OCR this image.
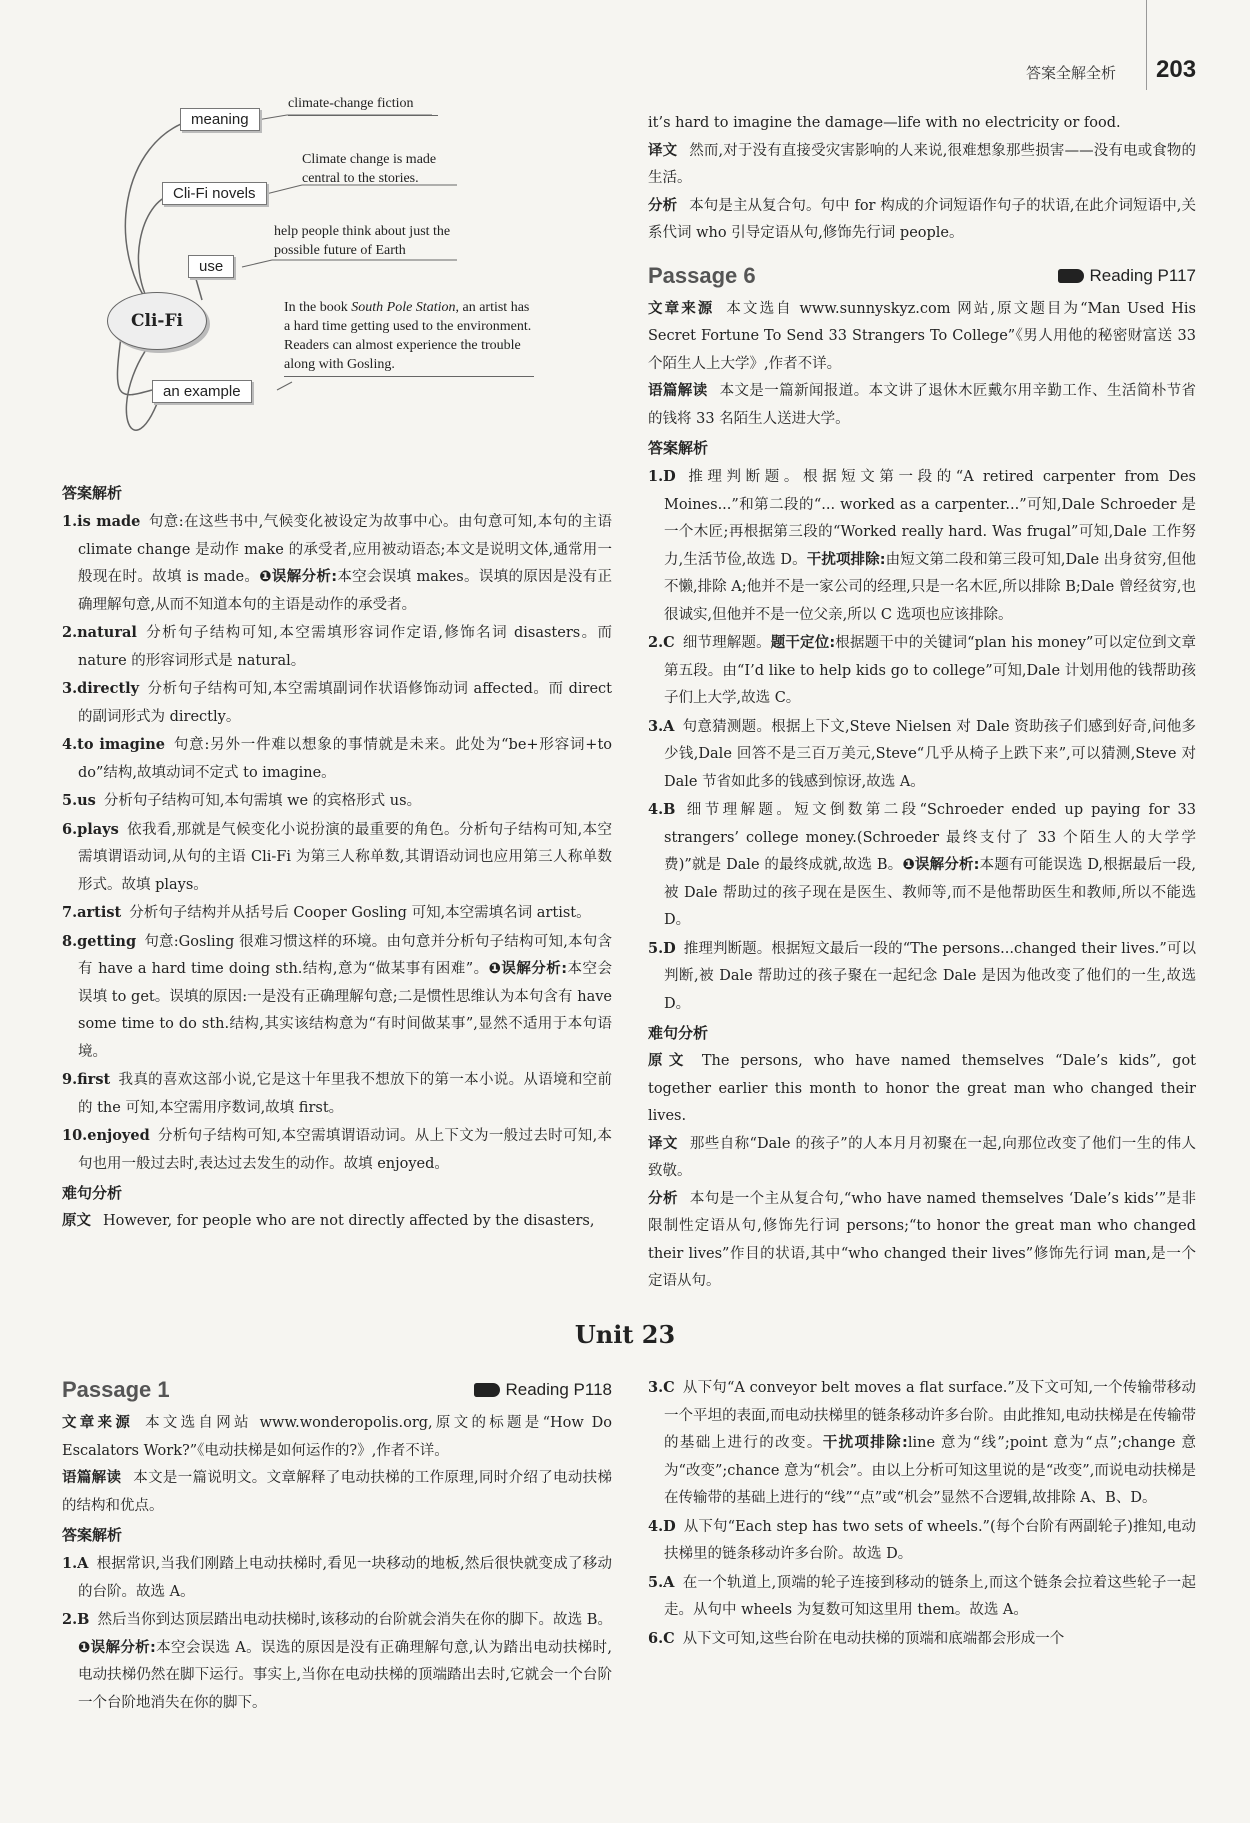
答案全解全析 203
Cli-Fi
meaning
climate-change fiction
Cli-Fi novels
Climate change is made central to the stories.
use
help people think about just the possible future of Earth
an example
In the book South Pole Station, an artist has a hard time getting used to the environment. Readers can almost experience the trouble along with Gosling.
答案解析
1.is made 句意:在这些书中,气候变化被设定为故事中心。由句意可知,本句的主语 climate change 是动作 make 的承受者,应用被动语态;本文是说明文体,通常用一般现在时。故填 is made。❶误解分析:本空会误填 makes。误填的原因是没有正确理解句意,从而不知道本句的主语是动作的承受者。
2.natural 分析句子结构可知,本空需填形容词作定语,修饰名词 disasters。而 nature 的形容词形式是 natural。
3.directly 分析句子结构可知,本空需填副词作状语修饰动词 affected。而 direct 的副词形式为 directly。
4.to imagine 句意:另外一件难以想象的事情就是未来。此处为“be+形容词+to do”结构,故填动词不定式 to imagine。
5.us 分析句子结构可知,本句需填 we 的宾格形式 us。
6.plays 依我看,那就是气候变化小说扮演的最重要的角色。分析句子结构可知,本空需填谓语动词,从句的主语 Cli-Fi 为第三人称单数,其谓语动词也应用第三人称单数形式。故填 plays。
7.artist 分析句子结构并从括号后 Cooper Gosling 可知,本空需填名词 artist。
8.getting 句意:Gosling 很难习惯这样的环境。由句意并分析句子结构可知,本句含有 have a hard time doing sth.结构,意为“做某事有困难”。❶误解分析:本空会误填 to get。误填的原因:一是没有正确理解句意;二是惯性思维认为本句含有 have some time to do sth.结构,其实该结构意为“有时间做某事”,显然不适用于本句语境。
9.first 我真的喜欢这部小说,它是这十年里我不想放下的第一本小说。从语境和空前的 the 可知,本空需用序数词,故填 first。
10.enjoyed 分析句子结构可知,本空需填谓语动词。从上下文为一般过去时可知,本句也用一般过去时,表达过去发生的动作。故填 enjoyed。
难句分析
原文 However, for people who are not directly affected by the disasters,
it’s hard to imagine the damage—life with no electricity or food.
译文 然而,对于没有直接受灾害影响的人来说,很难想象那些损害——没有电或食物的生活。
分析 本句是主从复合句。句中 for 构成的介词短语作句子的状语,在此介词短语中,关系代词 who 引导定语从句,修饰先行词 people。
Passage 6	Reading P117
文章来源 本文选自 www.sunnyskyz.com 网站,原文题目为“Man Used His Secret Fortune To Send 33 Strangers To College”《男人用他的秘密财富送 33 个陌生人上大学》,作者不详。
语篇解读 本文是一篇新闻报道。本文讲了退休木匠戴尔用辛勤工作、生活简朴节省的钱将 33 名陌生人送进大学。
答案解析
1.D 推理判断题。根据短文第一段的“A retired carpenter from Des Moines...”和第二段的“... worked as a carpenter...”可知,Dale Schroeder 是一个木匠;再根据第三段的“Worked really hard. Was frugal”可知,Dale 工作努力,生活节俭,故选 D。干扰项排除:由短文第二段和第三段可知,Dale 出身贫穷,但他不懒,排除 A;他并不是一家公司的经理,只是一名木匠,所以排除 B;Dale 曾经贫穷,也很诚实,但他并不是一位父亲,所以 C 选项也应该排除。
2.C 细节理解题。题干定位:根据题干中的关键词“plan his money”可以定位到文章第五段。由“I’d like to help kids go to college”可知,Dale 计划用他的钱帮助孩子们上大学,故选 C。
3.A 句意猜测题。根据上下文,Steve Nielsen 对 Dale 资助孩子们感到好奇,问他多少钱,Dale 回答不是三百万美元,Steve“几乎从椅子上跌下来”,可以猜测,Steve 对 Dale 节省如此多的钱感到惊讶,故选 A。
4.B 细节理解题。短文倒数第二段“Schroeder ended up paying for 33 strangers’ college money.(Schroeder 最终支付了 33 个陌生人的大学学费)”就是 Dale 的最终成就,故选 B。❶误解分析:本题有可能误选 D,根据最后一段,被 Dale 帮助过的孩子现在是医生、教师等,而不是他帮助医生和教师,所以不能选 D。
5.D 推理判断题。根据短文最后一段的“The persons...changed their lives.”可以判断,被 Dale 帮助过的孩子聚在一起纪念 Dale 是因为他改变了他们的一生,故选 D。
难句分析
原文 The persons, who have named themselves “Dale’s kids”, got together earlier this month to honor the great man who changed their lives.
译文 那些自称“Dale 的孩子”的人本月月初聚在一起,向那位改变了他们一生的伟人致敬。
分析 本句是一个主从复合句,“who have named themselves ‘Dale’s kids’”是非限制性定语从句,修饰先行词 persons;“to honor the great man who changed their lives”作目的状语,其中“who changed their lives”修饰先行词 man,是一个定语从句。
Unit 23
Passage 1	Reading P118
文章来源 本文选自网站 www.wonderopolis.org,原文的标题是“How Do Escalators Work?”《电动扶梯是如何运作的?》,作者不详。
语篇解读 本文是一篇说明文。文章解释了电动扶梯的工作原理,同时介绍了电动扶梯的结构和优点。
答案解析
1.A 根据常识,当我们刚踏上电动扶梯时,看见一块移动的地板,然后很快就变成了移动的台阶。故选 A。
2.B 然后当你到达顶层踏出电动扶梯时,该移动的台阶就会消失在你的脚下。故选 B。❶误解分析:本空会误选 A。误选的原因是没有正确理解句意,认为踏出电动扶梯时,电动扶梯仍然在脚下运行。事实上,当你在电动扶梯的顶端踏出去时,它就会一个台阶一个台阶地消失在你的脚下。
3.C 从下句“A conveyor belt moves a flat surface.”及下文可知,一个传输带移动一个平坦的表面,而电动扶梯里的链条移动许多台阶。由此推知,电动扶梯是在传输带的基础上进行的改变。干扰项排除:line 意为“线”;point 意为“点”;change 意为“改变”;chance 意为“机会”。由以上分析可知这里说的是“改变”,而说电动扶梯是在传输带的基础上进行的“线”“点”或“机会”显然不合逻辑,故排除 A、B、D。
4.D 从下句“Each step has two sets of wheels.”(每个台阶有两副轮子)推知,电动扶梯里的链条移动许多台阶。故选 D。
5.A 在一个轨道上,顶端的轮子连接到移动的链条上,而这个链条会拉着这些轮子一起走。从句中 wheels 为复数可知这里用 them。故选 A。
6.C 从下文可知,这些台阶在电动扶梯的顶端和底端都会形成一个
